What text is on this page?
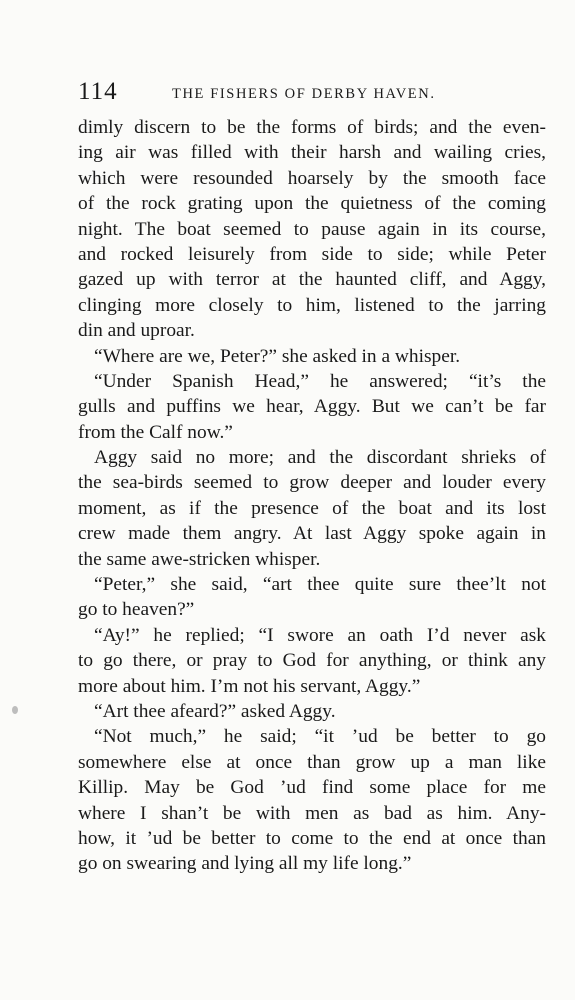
114	THE FISHERS OF DERBY HAVEN.
dimly discern to be the forms of birds; and the even-
ing air was filled with their harsh and wailing cries,
which were resounded hoarsely by the smooth face
of the rock grating upon the quietness of the coming
night. The boat seemed to pause again in its course,
and rocked leisurely from side to side; while Peter
gazed up with terror at the haunted cliff, and Aggy,
clinging more closely to him, listened to the jarring
din and uproar.
“Where are we, Peter?” she asked in a whisper.
“Under Spanish Head,” he answered; “it’s the
gulls and puffins we hear, Aggy. But we can’t be far
from the Calf now.”
Aggy said no more; and the discordant shrieks of
the sea-birds seemed to grow deeper and louder every
moment, as if the presence of the boat and its lost
crew made them angry. At last Aggy spoke again in
the same awe-stricken whisper.
“Peter,” she said, “art thee quite sure thee’lt not
go to heaven?”
“Ay!” he replied; “I swore an oath I’d never ask
to go there, or pray to God for anything, or think any
more about him. I’m not his servant, Aggy.”
“Art thee afeard?” asked Aggy.
“Not much,” he said; “it ’ud be better to go
somewhere else at once than grow up a man like
Killip. May be God ’ud find some place for me
where I shan’t be with men as bad as him. Any-
how, it ’ud be better to come to the end at once than
go on swearing and lying all my life long.”
